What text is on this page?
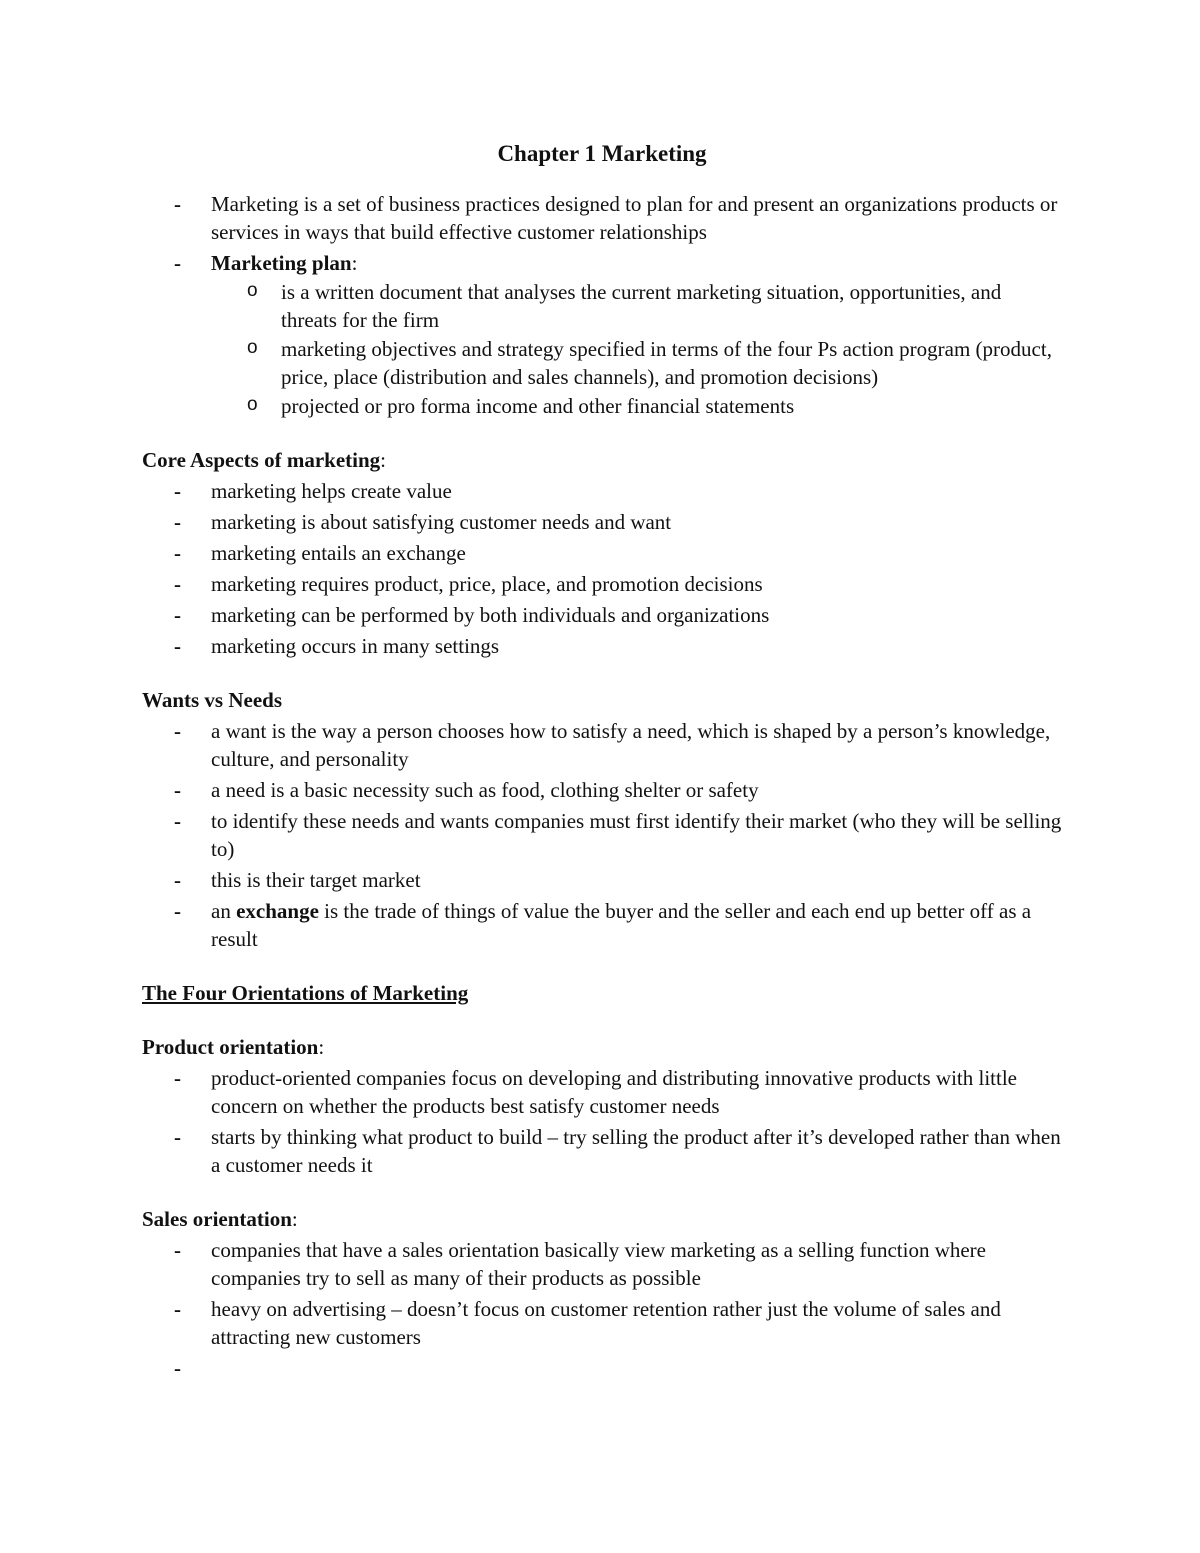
Chapter 1 Marketing
- Marketing is a set of business practices designed to plan for and present an organizations products or services in ways that build effective customer relationships
- Marketing plan:
o is a written document that analyses the current marketing situation, opportunities, and threats for the firm
o marketing objectives and strategy specified in terms of the four Ps action program (product, price, place (distribution and sales channels), and promotion decisions)
o projected or pro forma income and other financial statements
Core Aspects of marketing:
- marketing helps create value
- marketing is about satisfying customer needs and want
- marketing entails an exchange
- marketing requires product, price, place, and promotion decisions
- marketing can be performed by both individuals and organizations
- marketing occurs in many settings
Wants vs Needs
- a want is the way a person chooses how to satisfy a need, which is shaped by a person’s knowledge, culture, and personality
- a need is a basic necessity such as food, clothing shelter or safety
- to identify these needs and wants companies must first identify their market (who they will be selling to)
- this is their target market
- an exchange is the trade of things of value the buyer and the seller and each end up better off as a result
The Four Orientations of Marketing
Product orientation:
- product-oriented companies focus on developing and distributing innovative products with little concern on whether the products best satisfy customer needs
- starts by thinking what product to build – try selling the product after it’s developed rather than when a customer needs it
Sales orientation:
- companies that have a sales orientation basically view marketing as a selling function where companies try to sell as many of their products as possible
- heavy on advertising – doesn’t focus on customer retention rather just the volume of sales and attracting new customers
-
